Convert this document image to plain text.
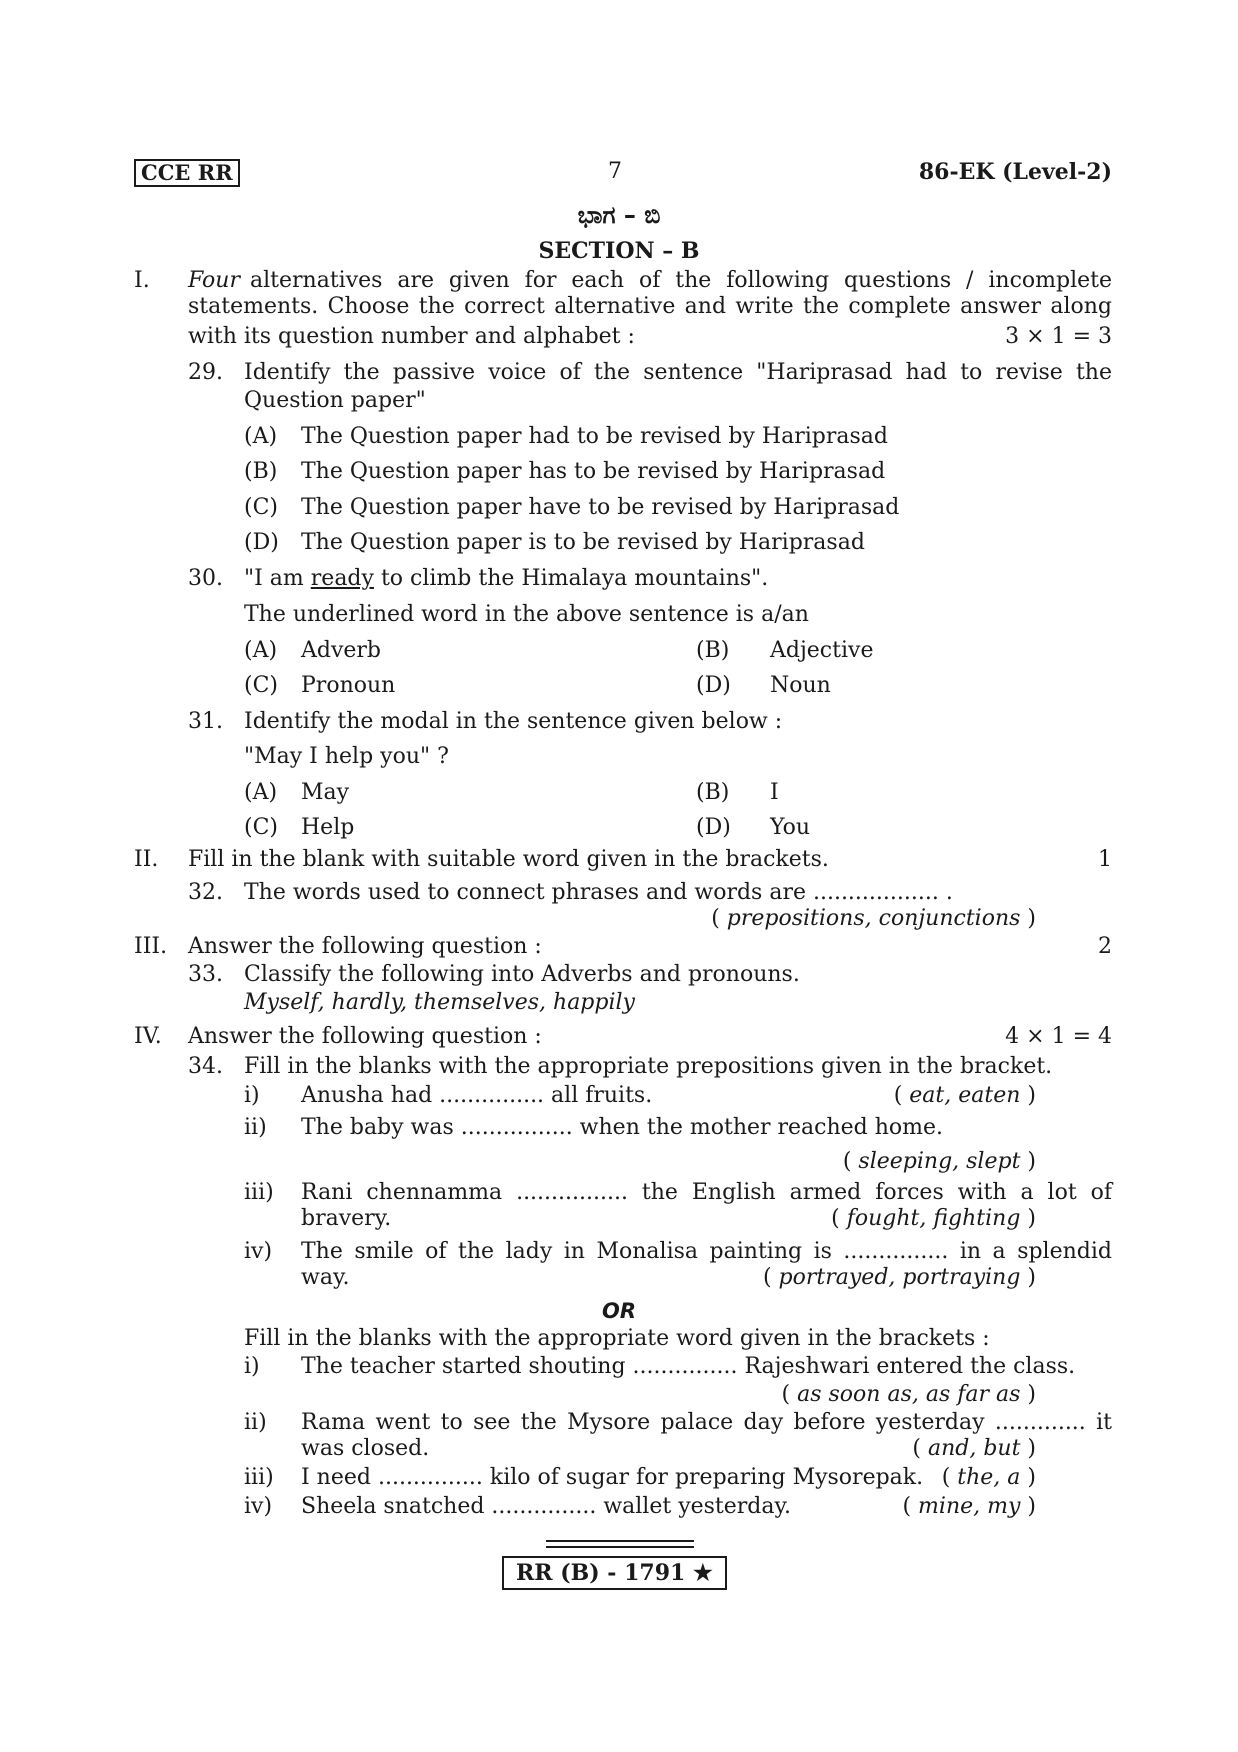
CCE RR	7	86-EK (Level-2)
ಭಾಗ – ಬಿ
SECTION – B
I. Four alternatives are given for each of the following questions / incomplete
statements. Choose the correct alternative and write the complete answer along
with its question number and alphabet :	3 × 1 = 3
29. Identify the passive voice of the sentence "Hariprasad had to revise the
Question paper"
(A) The Question paper had to be revised by Hariprasad
(B) The Question paper has to be revised by Hariprasad
(C) The Question paper have to be revised by Hariprasad
(D) The Question paper is to be revised by Hariprasad
30. "I am ready to climb the Himalaya mountains".
The underlined word in the above sentence is a/an
(A) Adverb	(B) Adjective
(C) Pronoun	(D) Noun
31. Identify the modal in the sentence given below :
"May I help you" ?
(A) May	(B) I
(C) Help	(D) You
II. Fill in the blank with suitable word given in the brackets.	1
32. The words used to connect phrases and words are .................. .
( prepositions, conjunctions )
III. Answer the following question :	2
33. Classify the following into Adverbs and pronouns.
Myself, hardly, themselves, happily
IV. Answer the following question :	4 × 1 = 4
34. Fill in the blanks with the appropriate prepositions given in the bracket.
i) Anusha had ............... all fruits.	( eat, eaten )
ii) The baby was ................ when the mother reached home.
( sleeping, slept )
iii) Rani chennamma ................ the English armed forces with a lot of
bravery.	( fought, fighting )
iv) The smile of the lady in Monalisa painting is ............... in a splendid
way.	( portrayed, portraying )
OR
Fill in the blanks with the appropriate word given in the brackets :
i) The teacher started shouting ............... Rajeshwari entered the class.
( as soon as, as far as )
ii) Rama went to see the Mysore palace day before yesterday ............. it
was closed.	( and, but )
iii) I need ............... kilo of sugar for preparing Mysorepak. ( the, a )
iv) Sheela snatched ............... wallet yesterday.	( mine, my )
RR (B) - 1791 ★
